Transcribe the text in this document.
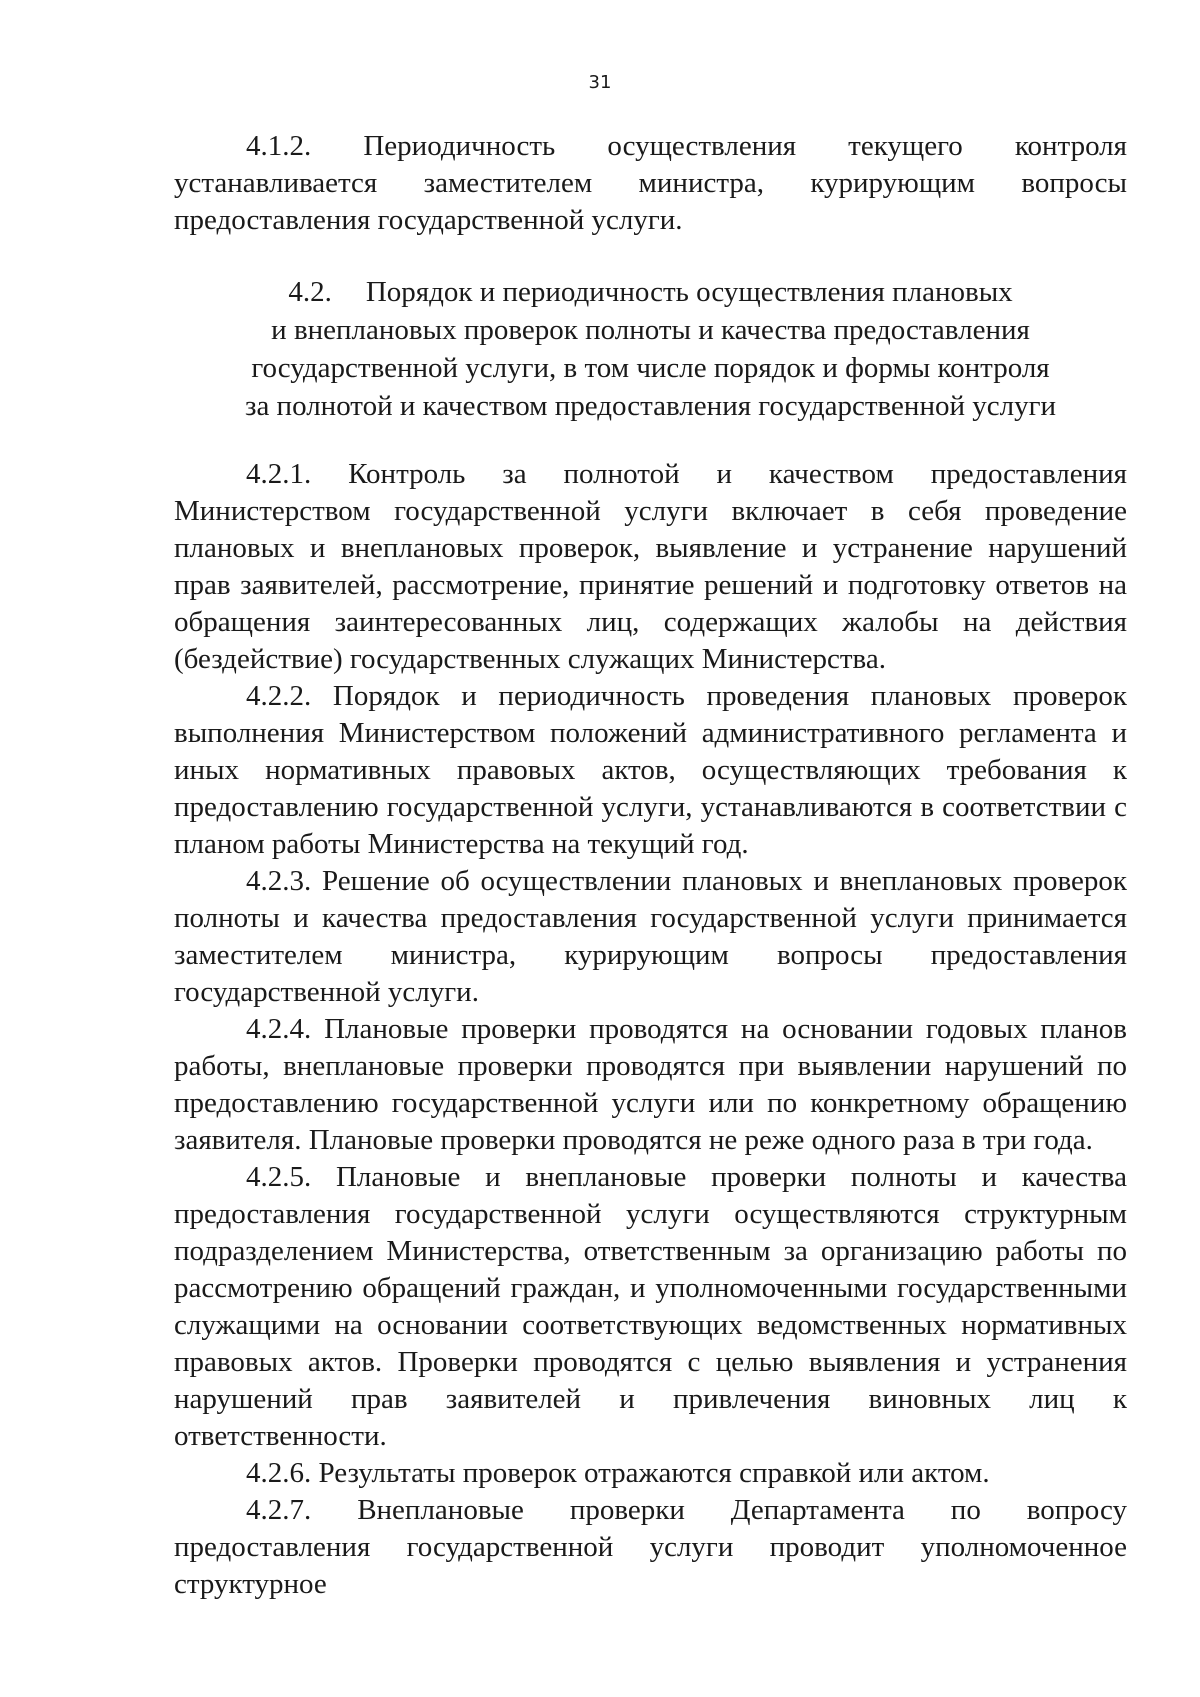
31

4.1.2. Периодичность осуществления текущего контроля устанавливается заместителем министра, курирующим вопросы предоставления государственной услуги.

4.2. Порядок и периодичность осуществления плановых
и внеплановых проверок полноты и качества предоставления
государственной услуги, в том числе порядок и формы контроля
за полнотой и качеством предоставления государственной услуги

4.2.1. Контроль за полнотой и качеством предоставления Министерством государственной услуги включает в себя проведение плановых и внеплановых проверок, выявление и устранение нарушений прав заявителей, рассмотрение, принятие решений и подготовку ответов на обращения заинтересованных лиц, содержащих жалобы на действия (бездействие) государственных служащих Министерства.

4.2.2. Порядок и периодичность проведения плановых проверок выполнения Министерством положений административного регламента и иных нормативных правовых актов, осуществляющих требования к предоставлению государственной услуги, устанавливаются в соответствии с планом работы Министерства на текущий год.

4.2.3. Решение об осуществлении плановых и внеплановых проверок полноты и качества предоставления государственной услуги принимается заместителем министра, курирующим вопросы предоставления государственной услуги.

4.2.4. Плановые проверки проводятся на основании годовых планов работы, внеплановые проверки проводятся при выявлении нарушений по предоставлению государственной услуги или по конкретному обращению заявителя. Плановые проверки проводятся не реже одного раза в три года.

4.2.5. Плановые и внеплановые проверки полноты и качества предоставления государственной услуги осуществляются структурным подразделением Министерства, ответственным за организацию работы по рассмотрению обращений граждан, и уполномоченными государственными служащими на основании соответствующих ведомственных нормативных правовых актов. Проверки проводятся с целью выявления и устранения нарушений прав заявителей и привлечения виновных лиц к ответственности.

4.2.6. Результаты проверок отражаются справкой или актом.

4.2.7. Внеплановые проверки Департамента по вопросу предоставления государственной услуги проводит уполномоченное структурное
